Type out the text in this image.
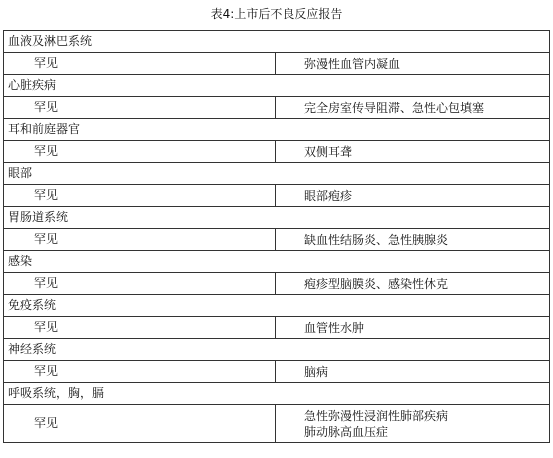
表4:上市后不良反应报告
血液及淋巴系统	
罕见	弥漫性血管内凝血

心脏疾病	
罕见	完全房室传导阻滞、急性心包填塞

耳和前庭器官	
罕见	双侧耳聋

眼部	
罕见	眼部疱疹

胃肠道系统	
罕见	缺血性结肠炎、急性胰腺炎

感染	
罕见	疱疹型脑膜炎、感染性休克

免疫系统	
罕见	血管性水肿

神经系统	
罕见	脑病

呼吸系统，胸，膈	
罕见	急性弥漫性浸润性肺部疾病
肺动脉高血压症
